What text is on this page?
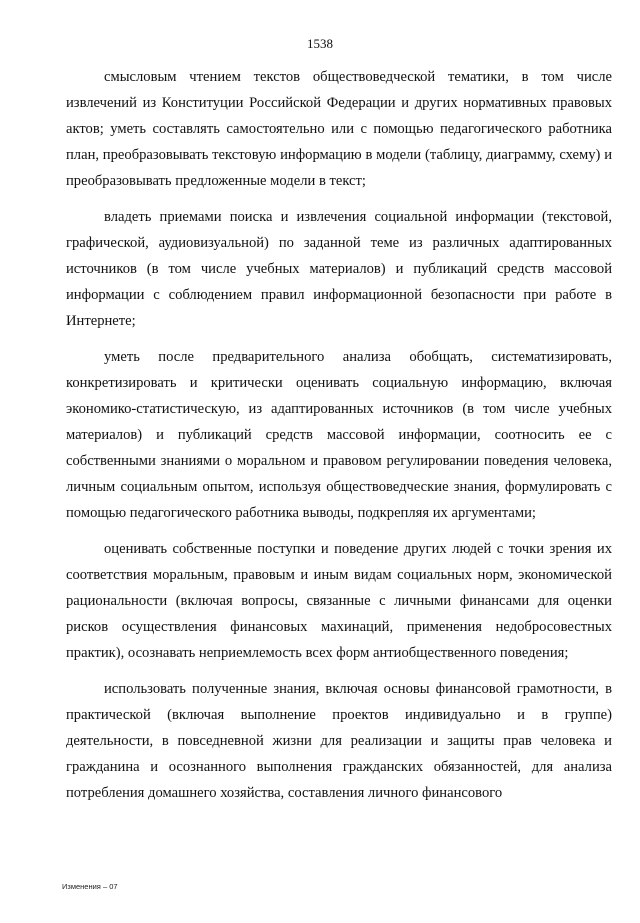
1538

смысловым чтением текстов обществоведческой тематики, в том числе извлечений из Конституции Российской Федерации и других нормативных правовых актов; уметь составлять самостоятельно или с помощью педагогического работника план, преобразовывать текстовую информацию в модели (таблицу, диаграмму, схему) и преобразовывать предложенные модели в текст;

владеть приемами поиска и извлечения социальной информации (текстовой, графической, аудиовизуальной) по заданной теме из различных адаптированных источников (в том числе учебных материалов) и публикаций средств массовой информации с соблюдением правил информационной безопасности при работе в Интернете;

уметь после предварительного анализа обобщать, систематизировать, конкретизировать и критически оценивать социальную информацию, включая экономико-статистическую, из адаптированных источников (в том числе учебных материалов) и публикаций средств массовой информации, соотносить ее с собственными знаниями о моральном и правовом регулировании поведения человека, личным социальным опытом, используя обществоведческие знания, формулировать с помощью педагогического работника выводы, подкрепляя их аргументами;

оценивать собственные поступки и поведение других людей с точки зрения их соответствия моральным, правовым и иным видам социальных норм, экономической рациональности (включая вопросы, связанные с личными финансами для оценки рисков осуществления финансовых махинаций, применения недобросовестных практик), осознавать неприемлемость всех форм антиобщественного поведения;

использовать полученные знания, включая основы финансовой грамотности, в практической (включая выполнение проектов индивидуально и в группе) деятельности, в повседневной жизни для реализации и защиты прав человека и гражданина и осознанного выполнения гражданских обязанностей, для анализа потребления домашнего хозяйства, составления личного финансового

Изменения – 07
